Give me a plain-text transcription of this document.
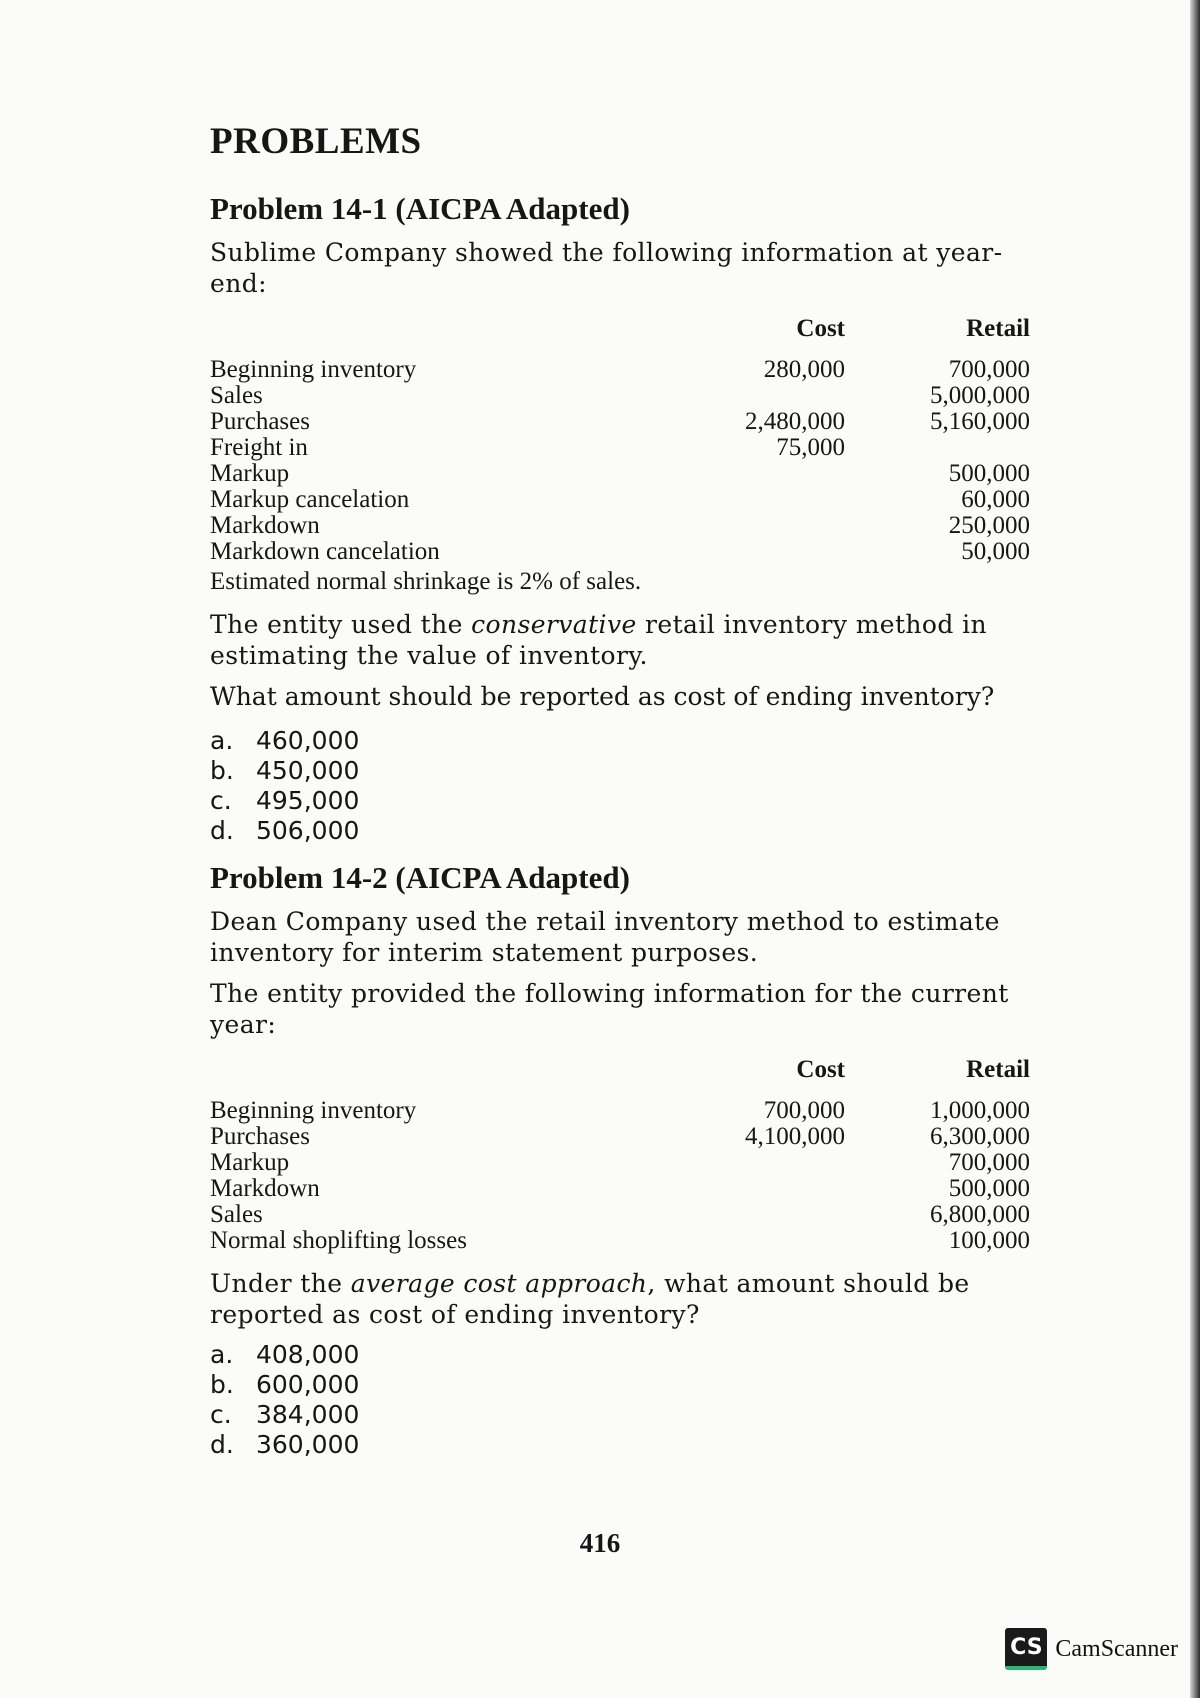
PROBLEMS
Problem 14-1 (AICPA Adapted)

Sublime Company showed the following information at year-end:

	Cost	Retail
Beginning inventory	280,000	700,000
Sales		5,000,000
Purchases	2,480,000	5,160,000
Freight in	75,000	
Markup		500,000
Markup cancelation		60,000
Markdown		250,000
Markdown cancelation		50,000

Estimated normal shrinkage is 2% of sales.

The entity used the conservative retail inventory method in estimating the value of inventory.

What amount should be reported as cost of ending inventory?

a. 460,000
b. 450,000
c. 495,000
d. 506,000
Problem 14-2 (AICPA Adapted)

Dean Company used the retail inventory method to estimate inventory for interim statement purposes.

The entity provided the following information for the current year:

	Cost	Retail
Beginning inventory	700,000	1,000,000
Purchases	4,100,000	6,300,000
Markup		700,000
Markdown		500,000
Sales		6,800,000
Normal shoplifting losses		100,000

Under the average cost approach, what amount should be reported as cost of ending inventory?

a. 408,000
b. 600,000
c. 384,000
d. 360,000
416
CS CamScanner
